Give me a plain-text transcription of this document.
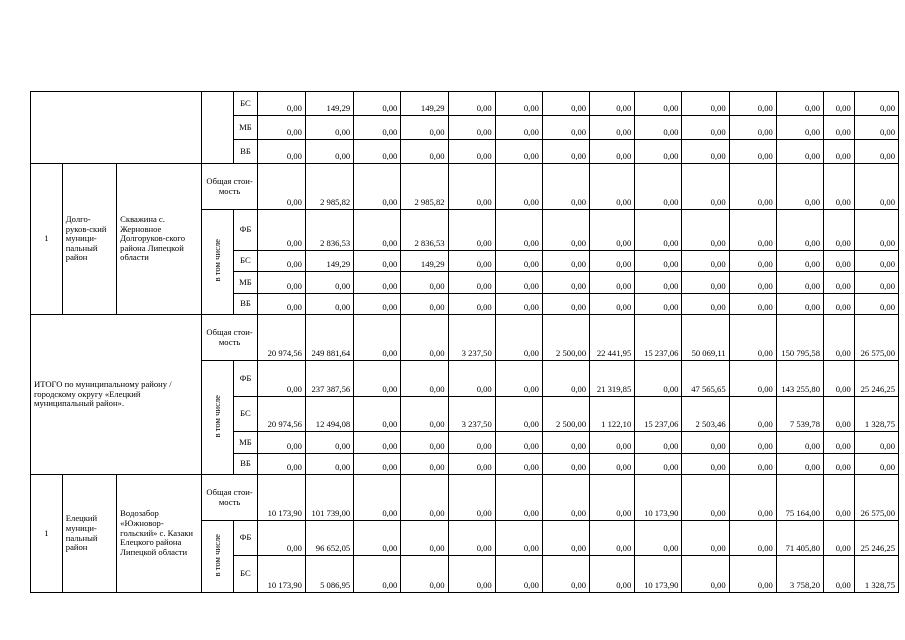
				БС	0,00	149,29	0,00	149,29	0,00	0,00	0,00	0,00	0,00	0,00	0,00	0,00	0,00	0,00
				МБ	0,00	0,00	0,00	0,00	0,00	0,00	0,00	0,00	0,00	0,00	0,00	0,00	0,00	0,00
				ВБ	0,00	0,00	0,00	0,00	0,00	0,00	0,00	0,00	0,00	0,00	0,00	0,00	0,00	0,00
1	Долго-руков-ский муници-пальный район	Скважина с. Жерновное Долгоруков-ского района Липецкой области	Общая стои-мость		0,00	2 985,82	0,00	2 985,82	0,00	0,00	0,00	0,00	0,00	0,00	0,00	0,00	0,00	0,00
			в том числе	ФБ	0,00	2 836,53	0,00	2 836,53	0,00	0,00	0,00	0,00	0,00	0,00	0,00	0,00	0,00	0,00
				БС	0,00	149,29	0,00	149,29	0,00	0,00	0,00	0,00	0,00	0,00	0,00	0,00	0,00	0,00
				МБ	0,00	0,00	0,00	0,00	0,00	0,00	0,00	0,00	0,00	0,00	0,00	0,00	0,00	0,00
				ВБ	0,00	0,00	0,00	0,00	0,00	0,00	0,00	0,00	0,00	0,00	0,00	0,00	0,00	0,00
ИТОГО по муниципальному району / городскому округу «Елецкий муниципальный район».			Общая стои-мость		20 974,56	249 881,64	0,00	0,00	3 237,50	0,00	2 500,00	22 441,95	15 237,06	50 069,11	0,00	150 795,58	0,00	26 575,00
			в том числе	ФБ	0,00	237 387,56	0,00	0,00	0,00	0,00	0,00	21 319,85	0,00	47 565,65	0,00	143 255,80	0,00	25 246,25
				БС	20 974,56	12 494,08	0,00	0,00	3 237,50	0,00	2 500,00	1 122,10	15 237,06	2 503,46	0,00	7 539,78	0,00	1 328,75
				МБ	0,00	0,00	0,00	0,00	0,00	0,00	0,00	0,00	0,00	0,00	0,00	0,00	0,00	0,00
				ВБ	0,00	0,00	0,00	0,00	0,00	0,00	0,00	0,00	0,00	0,00	0,00	0,00	0,00	0,00
1	Елецкий муници-пальный район	Водозабор «Южновор-гольский» с. Казаки Елецкого района Липецкой области	Общая стои-мость		10 173,90	101 739,00	0,00	0,00	0,00	0,00	0,00	0,00	10 173,90	0,00	0,00	75 164,00	0,00	26 575,00
			в том числе	ФБ	0,00	96 652,05	0,00	0,00	0,00	0,00	0,00	0,00	0,00	0,00	0,00	71 405,80	0,00	25 246,25
				БС	10 173,90	5 086,95	0,00	0,00	0,00	0,00	0,00	0,00	10 173,90	0,00	0,00	3 758,20	0,00	1 328,75
